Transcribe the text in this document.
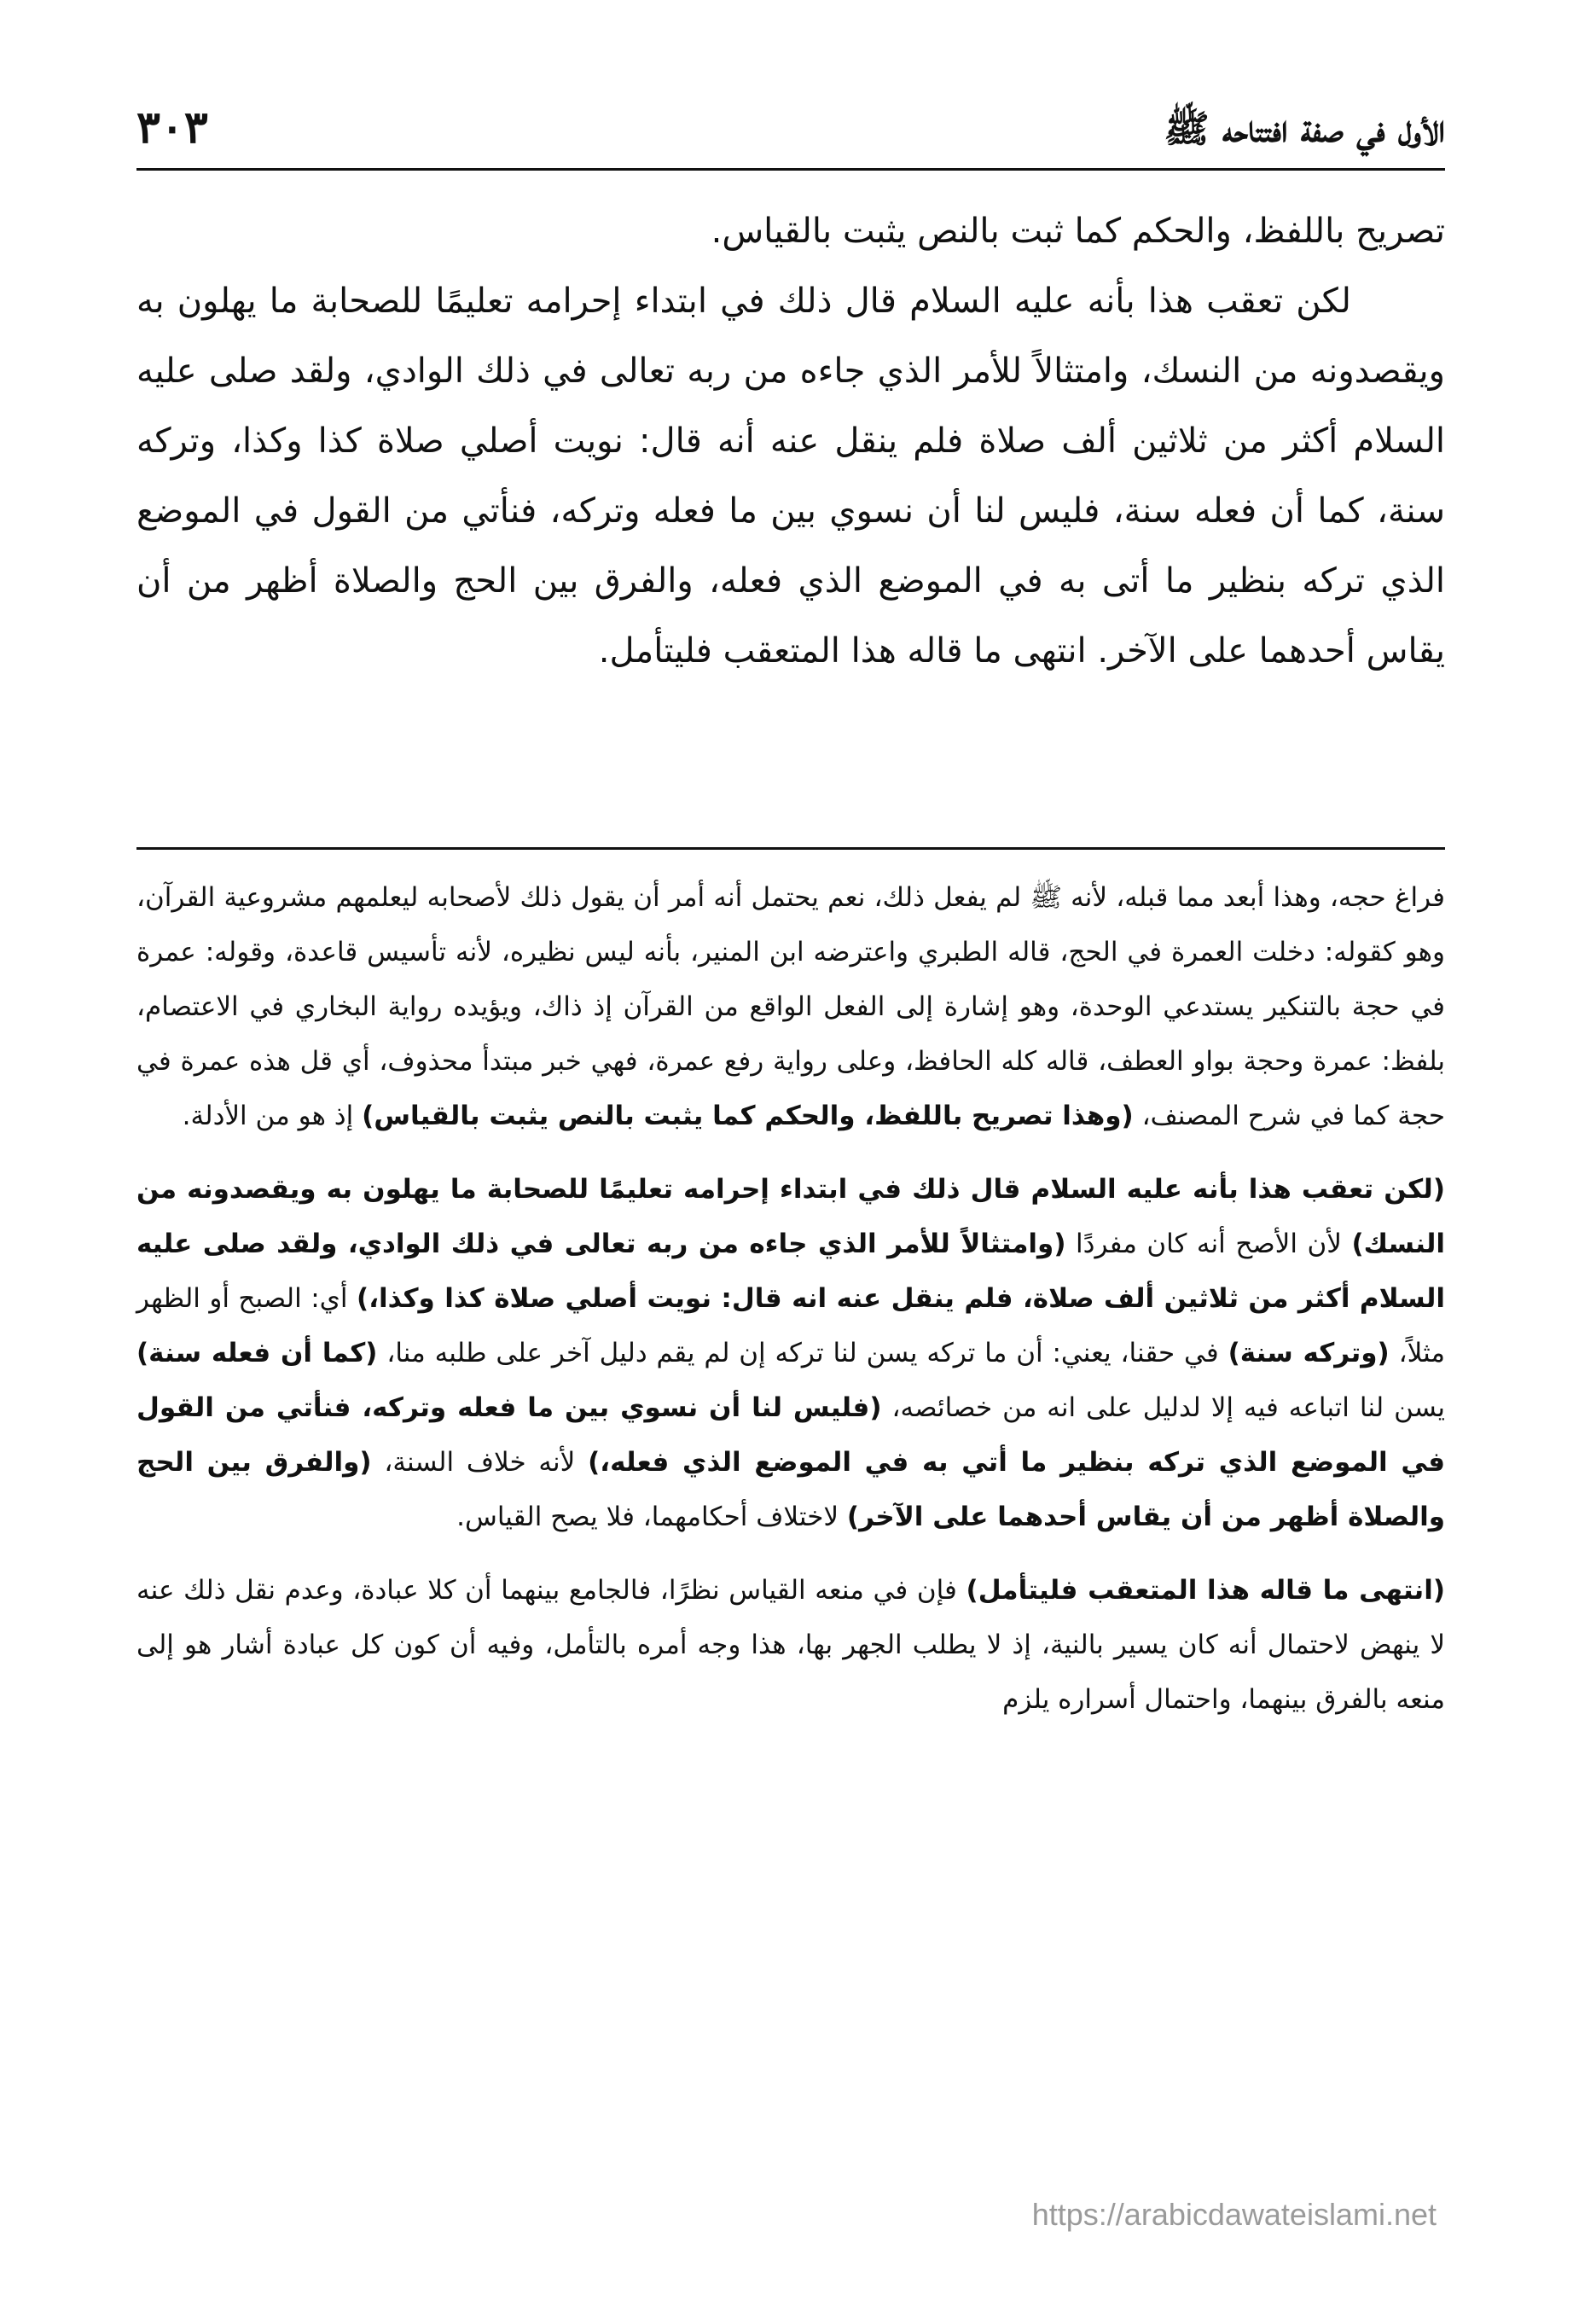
الأول في صفة افتتاحه ﷺ
٣٠٣

تصريح باللفظ، والحكم كما ثبت بالنص يثبت بالقياس.

لكن تعقب هذا بأنه عليه السلام قال ذلك في ابتداء إحرامه تعليمًا للصحابة ما يهلون به ويقصدونه من النسك، وامتثالاً للأمر الذي جاءه من ربه تعالى في ذلك الوادي، ولقد صلى عليه السلام أكثر من ثلاثين ألف صلاة فلم ينقل عنه أنه قال: نويت أصلي صلاة كذا وكذا، وتركه سنة، كما أن فعله سنة، فليس لنا أن نسوي بين ما فعله وتركه، فنأتي من القول في الموضع الذي تركه بنظير ما أتى به في الموضع الذي فعله، والفرق بين الحج والصلاة أظهر من أن يقاس أحدهما على الآخر. انتهى ما قاله هذا المتعقب فليتأمل.

فراغ حجه، وهذا أبعد مما قبله، لأنه ﷺ لم يفعل ذلك، نعم يحتمل أنه أمر أن يقول ذلك لأصحابه ليعلمهم مشروعية القرآن، وهو كقوله: دخلت العمرة في الحج، قاله الطبري واعترضه ابن المنير، بأنه ليس نظيره، لأنه تأسيس قاعدة، وقوله: عمرة في حجة بالتنكير يستدعي الوحدة، وهو إشارة إلى الفعل الواقع من القرآن إذ ذاك، ويؤيده رواية البخاري في الاعتصام، بلفظ: عمرة وحجة بواو العطف، قاله كله الحافظ، وعلى رواية رفع عمرة، فهي خبر مبتدأ محذوف، أي قل هذه عمرة في حجة كما في شرح المصنف، (وهذا تصريح باللفظ، والحكم كما يثبت بالنص يثبت بالقياس) إذ هو من الأدلة.

(لكن تعقب هذا بأنه عليه السلام قال ذلك في ابتداء إحرامه تعليمًا للصحابة ما يهلون به ويقصدونه من النسك) لأن الأصح أنه كان مفردًا (وامتثالاً للأمر الذي جاءه من ربه تعالى في ذلك الوادي، ولقد صلى عليه السلام أكثر من ثلاثين ألف صلاة، فلم ينقل عنه انه قال: نويت أصلي صلاة كذا وكذا،) أي: الصبح أو الظهر مثلاً، (وتركه سنة) في حقنا، يعني: أن ما تركه يسن لنا تركه إن لم يقم دليل آخر على طلبه منا، (كما أن فعله سنة) يسن لنا اتباعه فيه إلا لدليل على انه من خصائصه، (فليس لنا أن نسوي بين ما فعله وتركه، فنأتي من القول في الموضع الذي تركه بنظير ما أتي به في الموضع الذي فعله،) لأنه خلاف السنة، (والفرق بين الحج والصلاة أظهر من أن يقاس أحدهما على الآخر) لاختلاف أحكامهما، فلا يصح القياس.

(انتهى ما قاله هذا المتعقب فليتأمل) فإن في منعه القياس نظرًا، فالجامع بينهما أن كلا عبادة، وعدم نقل ذلك عنه لا ينهض لاحتمال أنه كان يسير بالنية، إذ لا يطلب الجهر بها، هذا وجه أمره بالتأمل، وفيه أن كون كل عبادة أشار هو إلى منعه بالفرق بينهما، واحتمال أسراره يلزم

https://arabicdawateislami.net
